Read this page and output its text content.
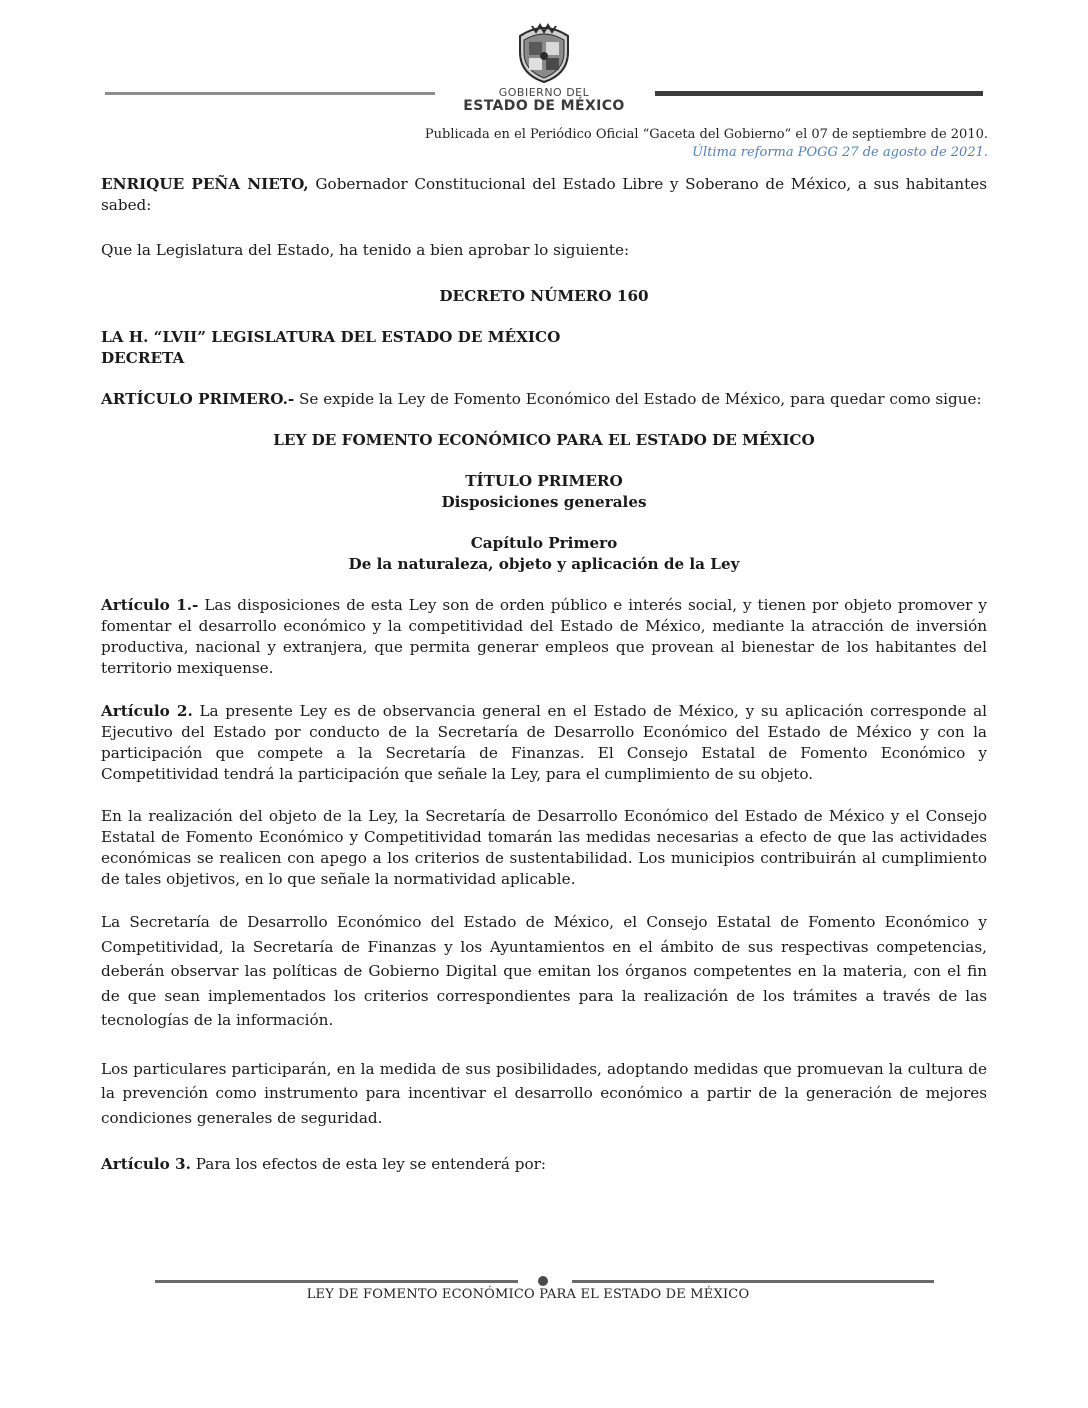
GOBIERNO DEL
ESTADO DE MÉXICO
Publicada en el Periódico Oficial “Gaceta del Gobierno” el 07 de septiembre de 2010.
Última reforma POGG 27 de agosto de 2021.

ENRIQUE PEÑA NIETO, Gobernador Constitucional del Estado Libre y Soberano de México, a sus habitantes sabed:

Que la Legislatura del Estado, ha tenido a bien aprobar lo siguiente:

DECRETO NÚMERO 160

LA H. “LVII” LEGISLATURA DEL ESTADO DE MÉXICO

DECRETA

ARTÍCULO PRIMERO.- Se expide la Ley de Fomento Económico del Estado de México, para quedar como sigue:

LEY DE FOMENTO ECONÓMICO PARA EL ESTADO DE MÉXICO

TÍTULO PRIMERO

Disposiciones generales

Capítulo Primero

De la naturaleza, objeto y aplicación de la Ley

Artículo 1.- Las disposiciones de esta Ley son de orden público e interés social, y tienen por objeto promover y fomentar el desarrollo económico y la competitividad del Estado de México, mediante la atracción de inversión productiva, nacional y extranjera, que permita generar empleos que provean al bienestar de los habitantes del territorio mexiquense.

Artículo 2. La presente Ley es de observancia general en el Estado de México, y su aplicación corresponde al Ejecutivo del Estado por conducto de la Secretaría de Desarrollo Económico del Estado de México y con la participación que compete a la Secretaría de Finanzas. El Consejo Estatal de Fomento Económico y Competitividad tendrá la participación que señale la Ley, para el cumplimiento de su objeto.

En la realización del objeto de la Ley, la Secretaría de Desarrollo Económico del Estado de México y el Consejo Estatal de Fomento Económico y Competitividad tomarán las medidas necesarias a efecto de que las actividades económicas se realicen con apego a los criterios de sustentabilidad. Los municipios contribuirán al cumplimiento de tales objetivos, en lo que señale la normatividad aplicable.

La Secretaría de Desarrollo Económico del Estado de México, el Consejo Estatal de Fomento Económico y Competitividad, la Secretaría de Finanzas y los Ayuntamientos en el ámbito de sus respectivas competencias, deberán observar las políticas de Gobierno Digital que emitan los órganos competentes en la materia, con el fin de que sean implementados los criterios correspondientes para la realización de los trámites a través de las tecnologías de la información.

Los particulares participarán, en la medida de sus posibilidades, adoptando medidas que promuevan la cultura de la prevención como instrumento para incentivar el desarrollo económico a partir de la generación de mejores condiciones generales de seguridad.

Artículo 3. Para los efectos de esta ley se entenderá por:

LEY DE FOMENTO ECONÓMICO PARA EL ESTADO DE MÉXICO
